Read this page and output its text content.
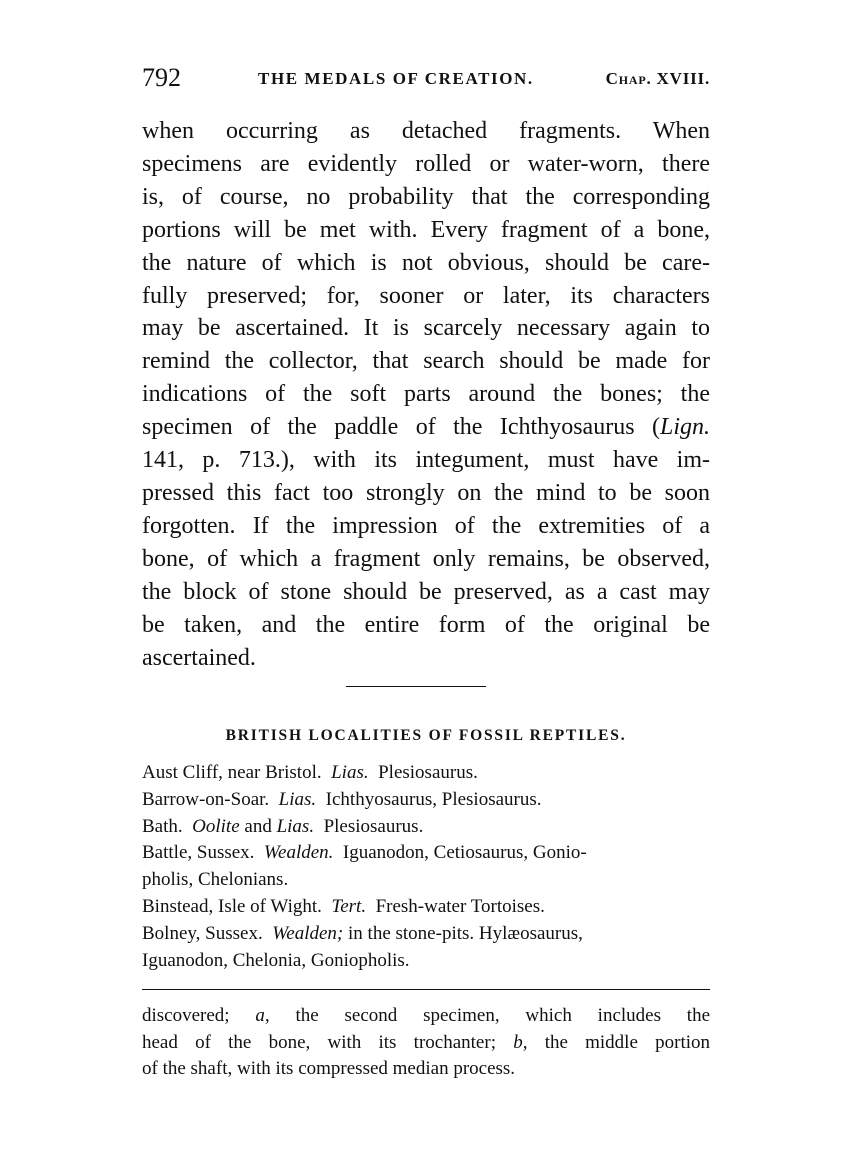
792	THE MEDALS OF CREATION.	Chap. XVIII.

when occurring as detached fragments. When
specimens are evidently rolled or water-worn, there
is, of course, no probability that the corresponding
portions will be met with. Every fragment of a bone,
the nature of which is not obvious, should be care-
fully preserved; for, sooner or later, its characters
may be ascertained. It is scarcely necessary again to
remind the collector, that search should be made for
indications of the soft parts around the bones; the
specimen of the paddle of the Ichthyosaurus (Lign.
141, p. 713.), with its integument, must have im-
pressed this fact too strongly on the mind to be soon
forgotten. If the impression of the extremities of a
bone, of which a fragment only remains, be observed,
the block of stone should be preserved, as a cast may
be taken, and the entire form of the original be
ascertained.

BRITISH LOCALITIES OF FOSSIL REPTILES.
Aust Cliff, near Bristol. Lias. Plesiosaurus.
Barrow-on-Soar. Lias. Ichthyosaurus, Plesiosaurus.
Bath. Oolite and Lias. Plesiosaurus.
Battle, Sussex. Wealden. Iguanodon, Cetiosaurus, Gonio-
pholis, Chelonians.
Binstead, Isle of Wight. Tert. Fresh-water Tortoises.
Bolney, Sussex. Wealden; in the stone-pits. Hylæosaurus,
Iguanodon, Chelonia, Goniopholis.

discovered; a, the second specimen, which includes the
head of the bone, with its trochanter; b, the middle portion
of the shaft, with its compressed median process.
